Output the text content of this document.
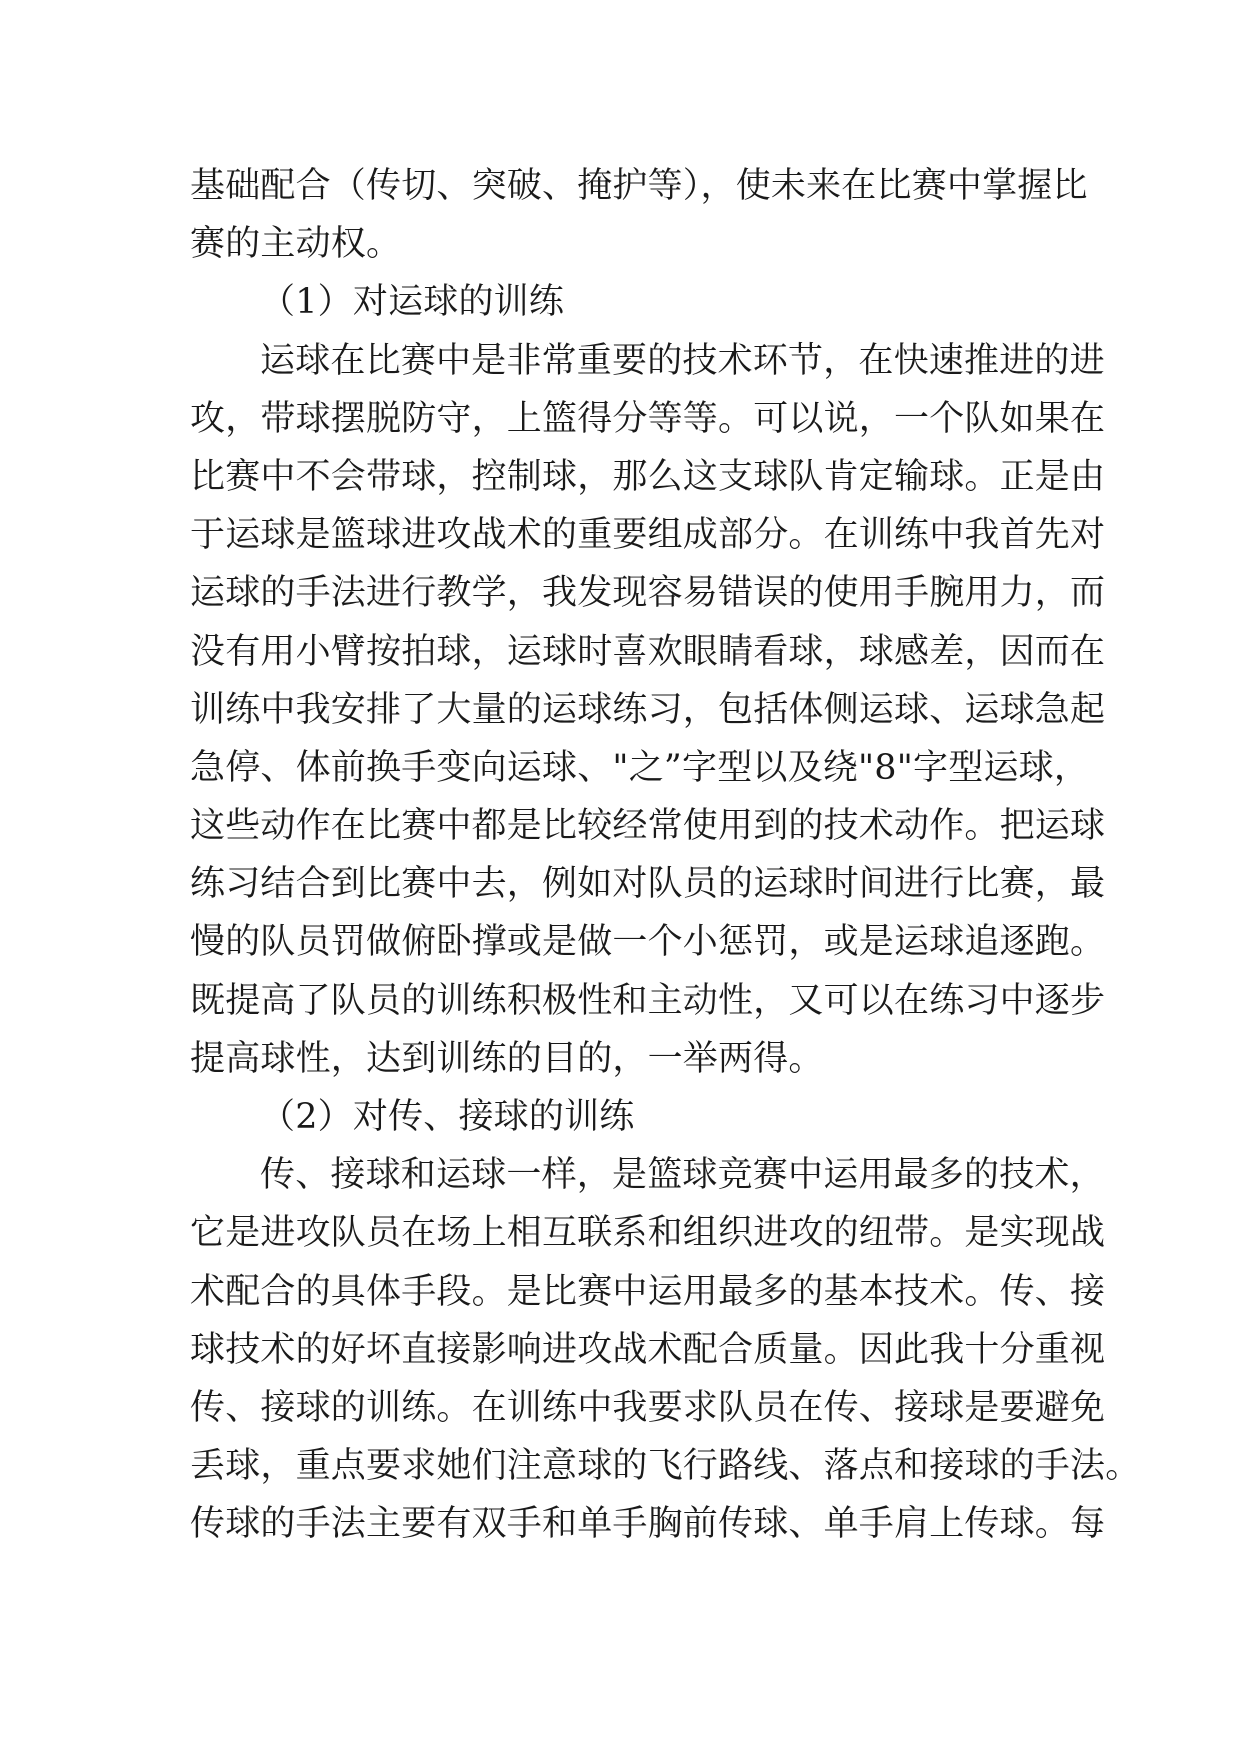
基础配合（传切、突破、掩护等），使未来在比赛中掌握比
赛的主动权。
（1）对运球的训练
运球在比赛中是非常重要的技术环节，在快速推进的进
攻，带球摆脱防守，上篮得分等等。可以说，一个队如果在
比赛中不会带球，控制球，那么这支球队肯定输球。正是由
于运球是篮球进攻战术的重要组成部分。在训练中我首先对
运球的手法进行教学，我发现容易错误的使用手腕用力，而
没有用小臂按拍球，运球时喜欢眼睛看球，球感差，因而在
训练中我安排了大量的运球练习，包括体侧运球、运球急起
急停、体前换手变向运球、"之”字型以及绕"8"字型运球，
这些动作在比赛中都是比较经常使用到的技术动作。把运球
练习结合到比赛中去，例如对队员的运球时间进行比赛，最
慢的队员罚做俯卧撑或是做一个小惩罚，或是运球追逐跑。
既提高了队员的训练积极性和主动性，又可以在练习中逐步
提高球性，达到训练的目的，一举两得。
（2）对传、接球的训练
传、接球和运球一样，是篮球竞赛中运用最多的技术，
它是进攻队员在场上相互联系和组织进攻的纽带。是实现战
术配合的具体手段。是比赛中运用最多的基本技术。传、接
球技术的好坏直接影响进攻战术配合质量。因此我十分重视
传、接球的训练。在训练中我要求队员在传、接球是要避免
丢球，重点要求她们注意球的飞行路线、落点和接球的手法。
传球的手法主要有双手和单手胸前传球、单手肩上传球。每
